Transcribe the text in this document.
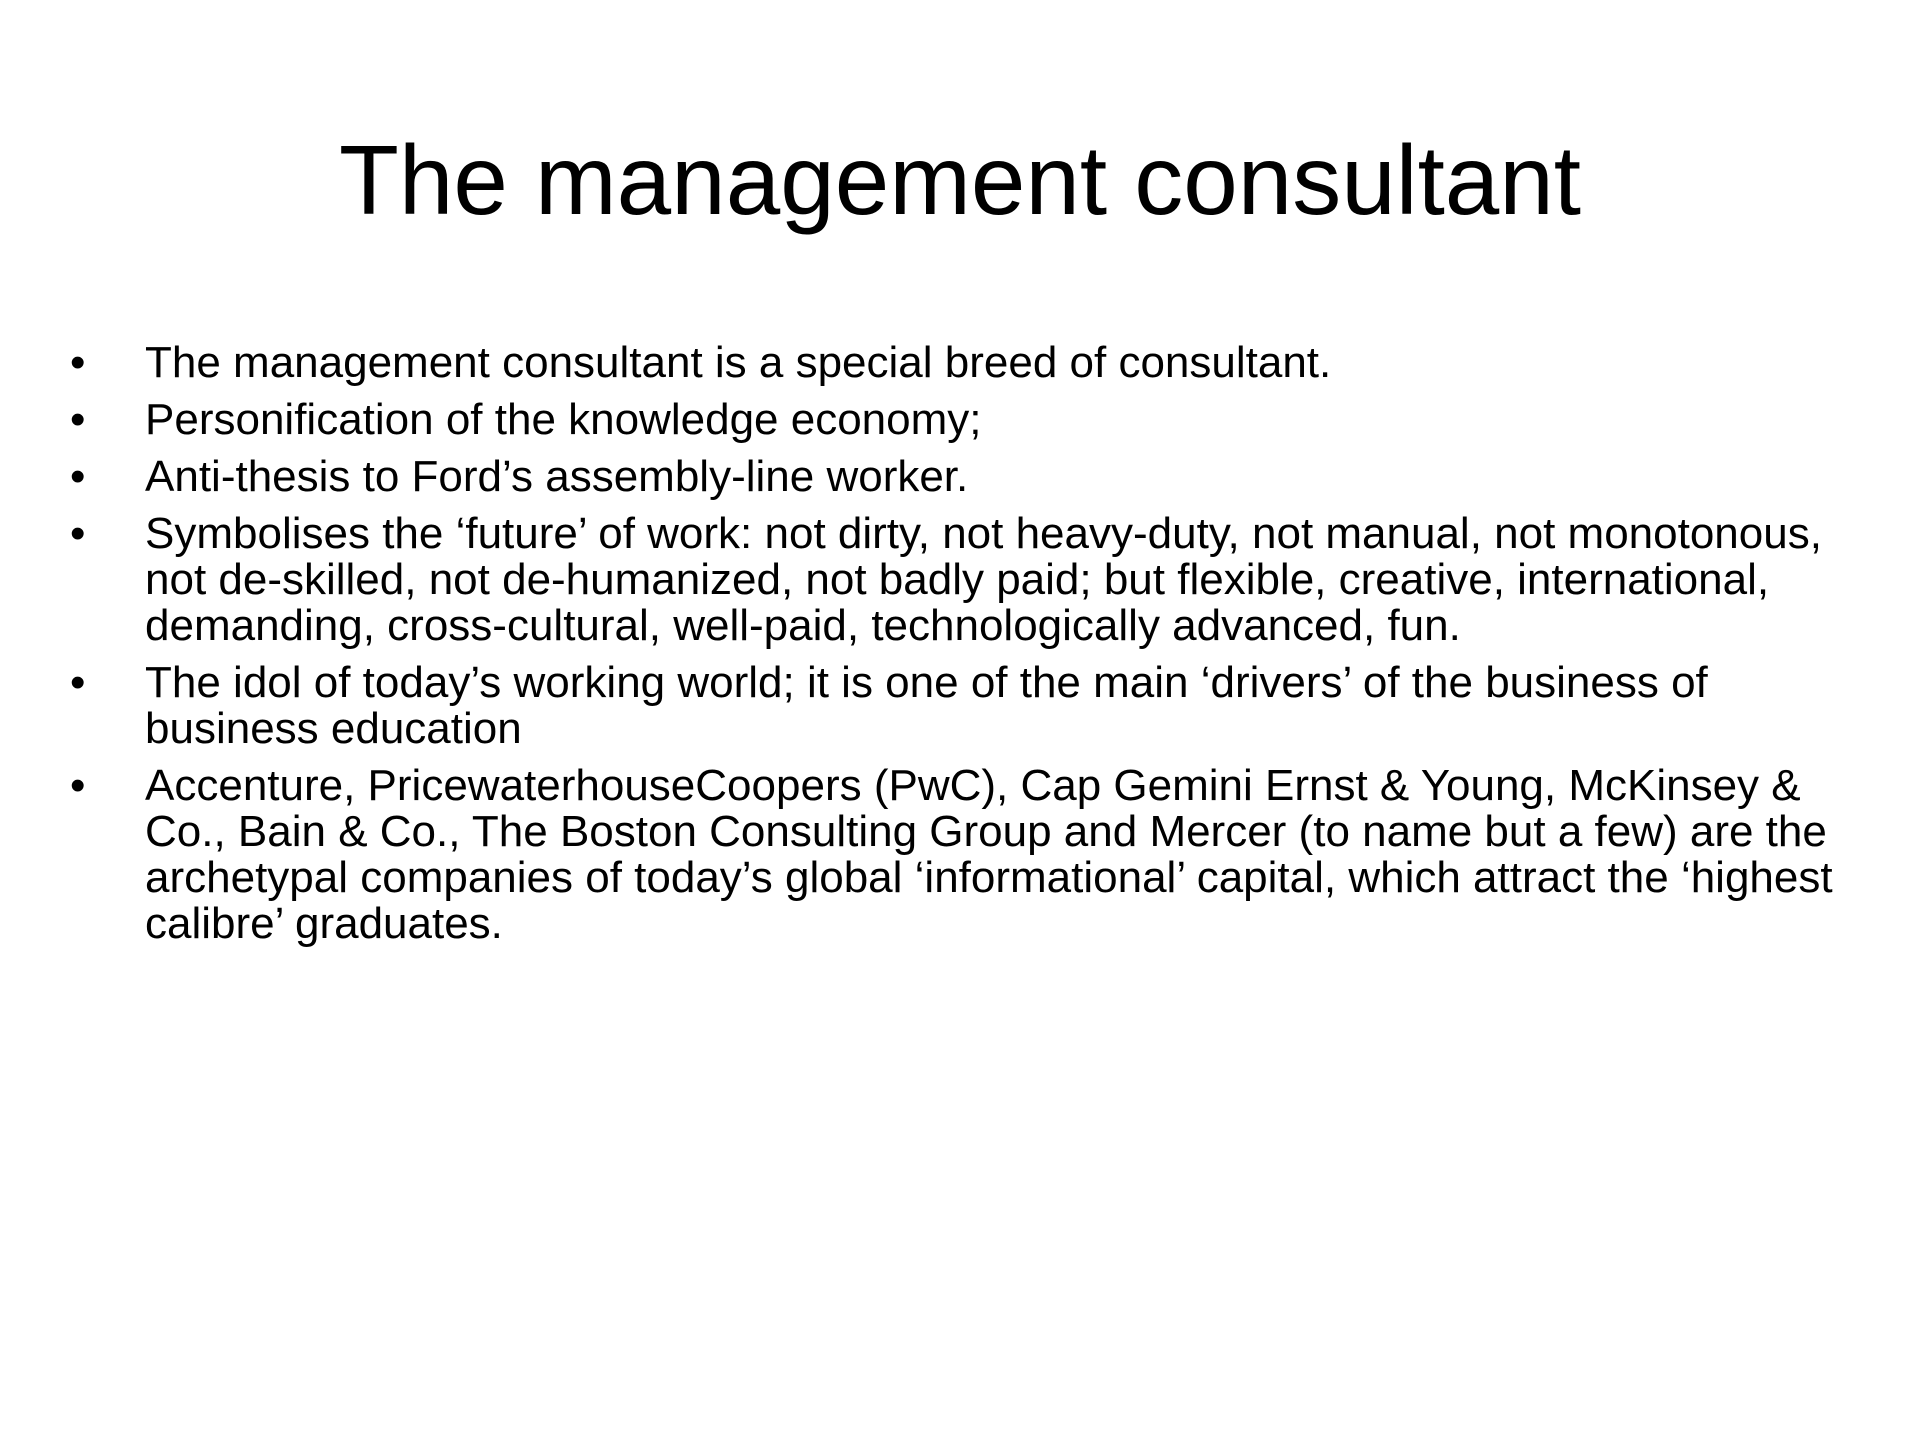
The management consultant
•	The management consultant is a special breed of consultant.
•	Personification of the knowledge economy;
•	Anti-thesis to Ford’s assembly-line worker.
•	Symbolises the ‘future’ of work: not dirty, not heavy-duty, not manual, not monotonous, not de-skilled, not de-humanized, not badly paid; but flexible, creative, international, demanding, cross-cultural, well-paid, technologically advanced, fun.
•	The idol of today’s working world; it is one of the main ‘drivers’ of the business of business education
•	Accenture, PricewaterhouseCoopers (PwC), Cap Gemini Ernst & Young, McKinsey & Co., Bain & Co., The Boston Consulting Group and Mercer (to name but a few) are the archetypal companies of today’s global ‘informational’ capital, which attract the ‘highest calibre’ graduates.
